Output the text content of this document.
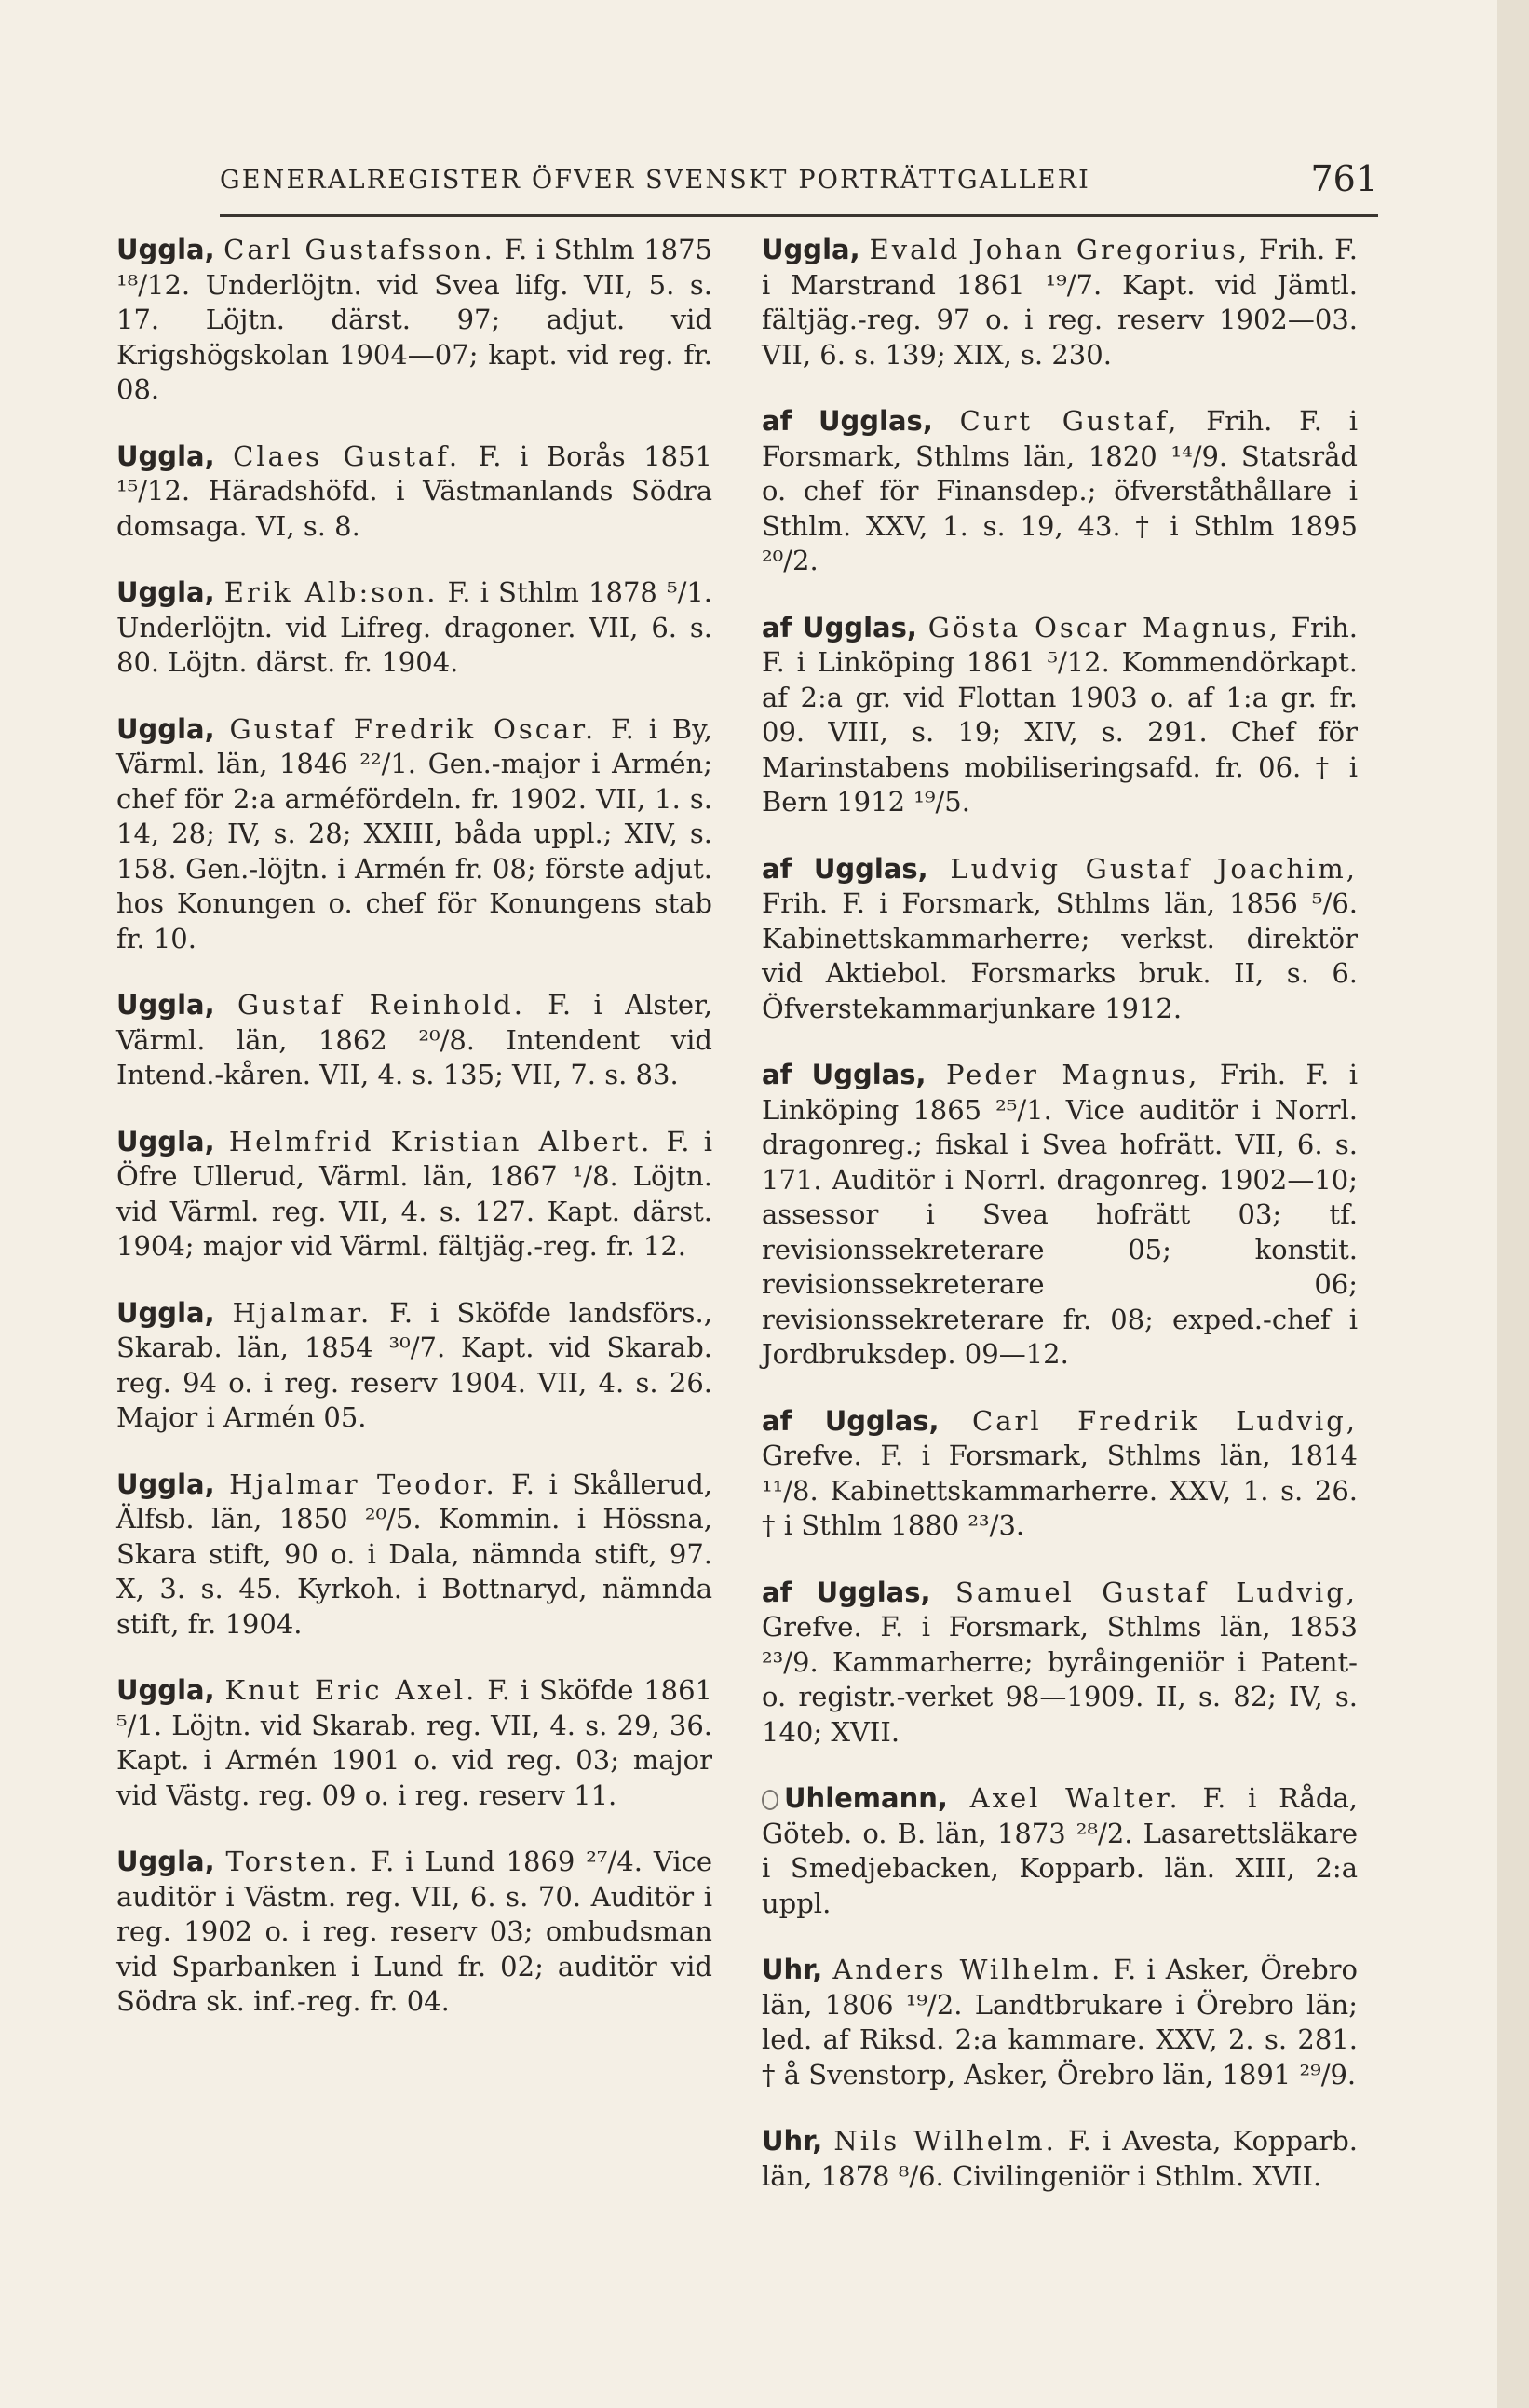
GENERALREGISTER ÖFVER SVENSKT PORTRÄTTGALLERI	761
Uggla, Carl Gustafsson. F. i Sthlm 1875 ¹⁸/12. Underlöjtn. vid Svea lifg. VII, 5. s. 17. Löjtn. därst. 97; adjut. vid Krigshögskolan 1904—07; kapt. vid reg. fr. 08.
Uggla, Claes Gustaf. F. i Borås 1851 ¹⁵/12. Häradshöfd. i Västmanlands Södra domsaga. VI, s. 8.
Uggla, Erik Alb:son. F. i Sthlm 1878 ⁵/1. Underlöjtn. vid Lifreg. dragoner. VII, 6. s. 80. Löjtn. därst. fr. 1904.
Uggla, Gustaf Fredrik Oscar. F. i By, Värml. län, 1846 ²²/1. Gen.-major i Armén; chef för 2:a arméfördeln. fr. 1902. VII, 1. s. 14, 28; IV, s. 28; XXIII, båda uppl.; XIV, s. 158. Gen.-löjtn. i Armén fr. 08; förste adjut. hos Konungen o. chef för Konungens stab fr. 10.
Uggla, Gustaf Reinhold. F. i Alster, Värml. län, 1862 ²⁰/8. Intendent vid Intend.-kåren. VII, 4. s. 135; VII, 7. s. 83.
Uggla, Helmfrid Kristian Albert. F. i Öfre Ullerud, Värml. län, 1867 ¹/8. Löjtn. vid Värml. reg. VII, 4. s. 127. Kapt. därst. 1904; major vid Värml. fältjäg.-reg. fr. 12.
Uggla, Hjalmar. F. i Sköfde landsförs., Skarab. län, 1854 ³⁰/7. Kapt. vid Skarab. reg. 94 o. i reg. reserv 1904. VII, 4. s. 26. Major i Armén 05.
Uggla, Hjalmar Teodor. F. i Skållerud, Älfsb. län, 1850 ²⁰/5. Kommin. i Hössna, Skara stift, 90 o. i Dala, nämnda stift, 97. X, 3. s. 45. Kyrkoh. i Bottnaryd, nämnda stift, fr. 1904.
Uggla, Knut Eric Axel. F. i Sköfde 1861 ⁵/1. Löjtn. vid Skarab. reg. VII, 4. s. 29, 36. Kapt. i Armén 1901 o. vid reg. 03; major vid Västg. reg. 09 o. i reg. reserv 11.
Uggla, Torsten. F. i Lund 1869 ²⁷/4. Vice auditör i Västm. reg. VII, 6. s. 70. Auditör i reg. 1902 o. i reg. reserv 03; ombudsman vid Sparbanken i Lund fr. 02; auditör vid Södra sk. inf.-reg. fr. 04.
Uggla, Evald Johan Gregorius, Frih. F. i Marstrand 1861 ¹⁹/7. Kapt. vid Jämtl. fältjäg.-reg. 97 o. i reg. reserv 1902—03. VII, 6. s. 139; XIX, s. 230.
af Ugglas, Curt Gustaf, Frih. F. i Forsmark, Sthlms län, 1820 ¹⁴/9. Statsråd o. chef för Finansdep.; öfverståthållare i Sthlm. XXV, 1. s. 19, 43. † i Sthlm 1895 ²⁰/2.
af Ugglas, Gösta Oscar Magnus, Frih. F. i Linköping 1861 ⁵/12. Kommendörkapt. af 2:a gr. vid Flottan 1903 o. af 1:a gr. fr. 09. VIII, s. 19; XIV, s. 291. Chef för Marinstabens mobiliseringsafd. fr. 06. † i Bern 1912 ¹⁹/5.
af Ugglas, Ludvig Gustaf Joachim, Frih. F. i Forsmark, Sthlms län, 1856 ⁵/6. Kabinettskammarherre; verkst. direktör vid Aktiebol. Forsmarks bruk. II, s. 6. Öfverstekammarjunkare 1912.
af Ugglas, Peder Magnus, Frih. F. i Linköping 1865 ²⁵/1. Vice auditör i Norrl. dragonreg.; fiskal i Svea hofrätt. VII, 6. s. 171. Auditör i Norrl. dragonreg. 1902—10; assessor i Svea hofrätt 03; tf. revisionssekreterare 05; konstit. revisionssekreterare 06; revisionssekreterare fr. 08; exped.-chef i Jordbruksdep. 09—12.
af Ugglas, Carl Fredrik Ludvig, Grefve. F. i Forsmark, Sthlms län, 1814 ¹¹/8. Kabinettskammarherre. XXV, 1. s. 26. † i Sthlm 1880 ²³/3.
af Ugglas, Samuel Gustaf Ludvig, Grefve. F. i Forsmark, Sthlms län, 1853 ²³/9. Kammarherre; byråingeniör i Patent- o. registr.-verket 98—1909. II, s. 82; IV, s. 140; XVII.
Uhlemann, Axel Walter. F. i Råda, Göteb. o. B. län, 1873 ²⁸/2. Lasarettsläkare i Smedjebacken, Kopparb. län. XIII, 2:a uppl.
Uhr, Anders Wilhelm. F. i Asker, Örebro län, 1806 ¹⁹/2. Landtbrukare i Örebro län; led. af Riksd. 2:a kammare. XXV, 2. s. 281. † å Svenstorp, Asker, Örebro län, 1891 ²⁹/9.
Uhr, Nils Wilhelm. F. i Avesta, Kopparb. län, 1878 ⁸/6. Civilingeniör i Sthlm. XVII.
